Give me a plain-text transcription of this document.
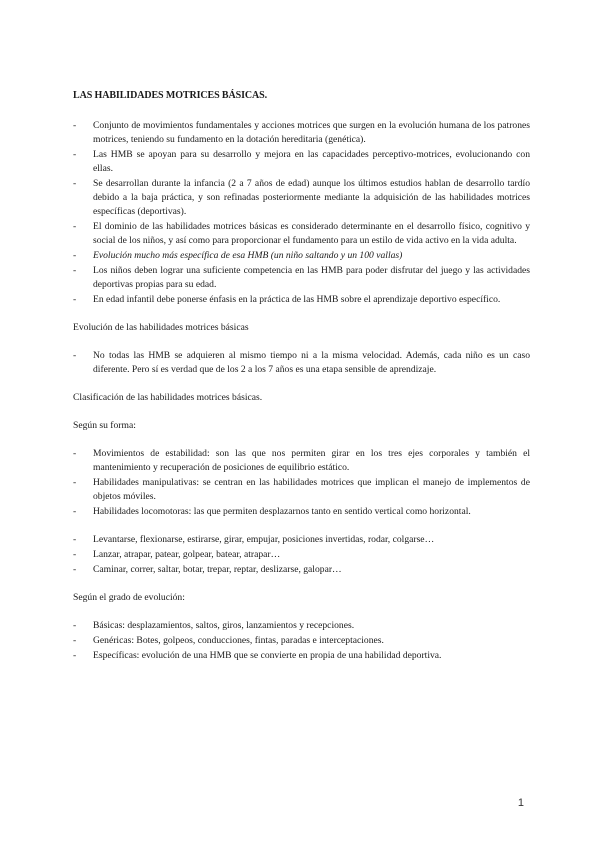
LAS HABILIDADES MOTRICES BÁSICAS.
- Conjunto de movimientos fundamentales y acciones motrices que surgen en la evolución humana de los patrones motrices, teniendo su fundamento en la dotación hereditaria (genética).
- Las HMB se apoyan para su desarrollo y mejora en las capacidades perceptivo-motrices, evolucionando con ellas.
- Se desarrollan durante la infancia (2 a 7 años de edad) aunque los últimos estudios hablan de desarrollo tardío debido a la baja práctica, y son refinadas posteriormente mediante la adquisición de las habilidades motrices específicas (deportivas).
- El dominio de las habilidades motrices básicas es considerado determinante en el desarrollo físico, cognitivo y social de los niños, y así como para proporcionar el fundamento para un estilo de vida activo en la vida adulta.
- Evolución mucho más específica de esa HMB (un niño saltando y un 100 vallas)
- Los niños deben lograr una suficiente competencia en las HMB para poder disfrutar del juego y las actividades deportivas propias para su edad.
- En edad infantil debe ponerse énfasis en la práctica de las HMB sobre el aprendizaje deportivo específico.
Evolución de las habilidades motrices básicas
- No todas las HMB se adquieren al mismo tiempo ni a la misma velocidad. Además, cada niño es un caso diferente. Pero sí es verdad que de los 2 a los 7 años es una etapa sensible de aprendizaje.
Clasificación de las habilidades motrices básicas.
Según su forma:
- Movimientos de estabilidad: son las que nos permiten girar en los tres ejes corporales y también el mantenimiento y recuperación de posiciones de equilibrio estático.
- Habilidades manipulativas: se centran en las habilidades motrices que implican el manejo de implementos de objetos móviles.
- Habilidades locomotoras: las que permiten desplazarnos tanto en sentido vertical como horizontal.
- Levantarse, flexionarse, estirarse, girar, empujar, posiciones invertidas, rodar, colgarse…
- Lanzar, atrapar, patear, golpear, batear, atrapar…
- Caminar, correr, saltar, botar, trepar, reptar, deslizarse, galopar…
Según el grado de evolución:
- Básicas: desplazamientos, saltos, giros, lanzamientos y recepciones.
- Genéricas: Botes, golpeos, conducciones, fintas, paradas e interceptaciones.
- Específicas: evolución de una HMB que se convierte en propia de una habilidad deportiva.
1
